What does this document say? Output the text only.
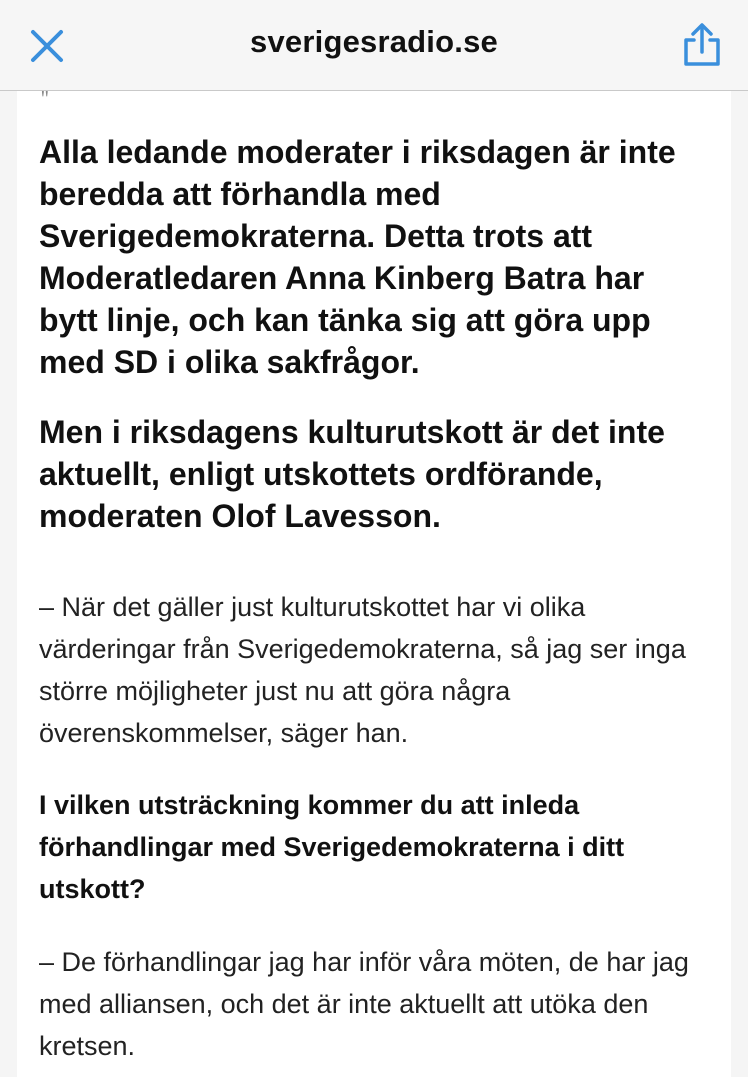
sverigesradio.se
ꞌꞌ

Alla ledande moderater i riksdagen är inte beredda att förhandla med Sverigedemokraterna. Detta trots att Moderatledaren Anna Kinberg Batra har bytt linje, och kan tänka sig att göra upp med SD i olika sakfrågor.

Men i riksdagens kulturutskott är det inte aktuellt, enligt utskottets ordförande, moderaten Olof Lavesson.

– När det gäller just kulturutskottet har vi olika värderingar från Sverigedemokraterna, så jag ser inga större möjligheter just nu att göra några överenskommelser, säger han.

I vilken utsträckning kommer du att inleda förhandlingar med Sverigedemokraterna i ditt utskott?

– De förhandlingar jag har inför våra möten, de har jag med alliansen, och det är inte aktuellt att utöka den kretsen.
